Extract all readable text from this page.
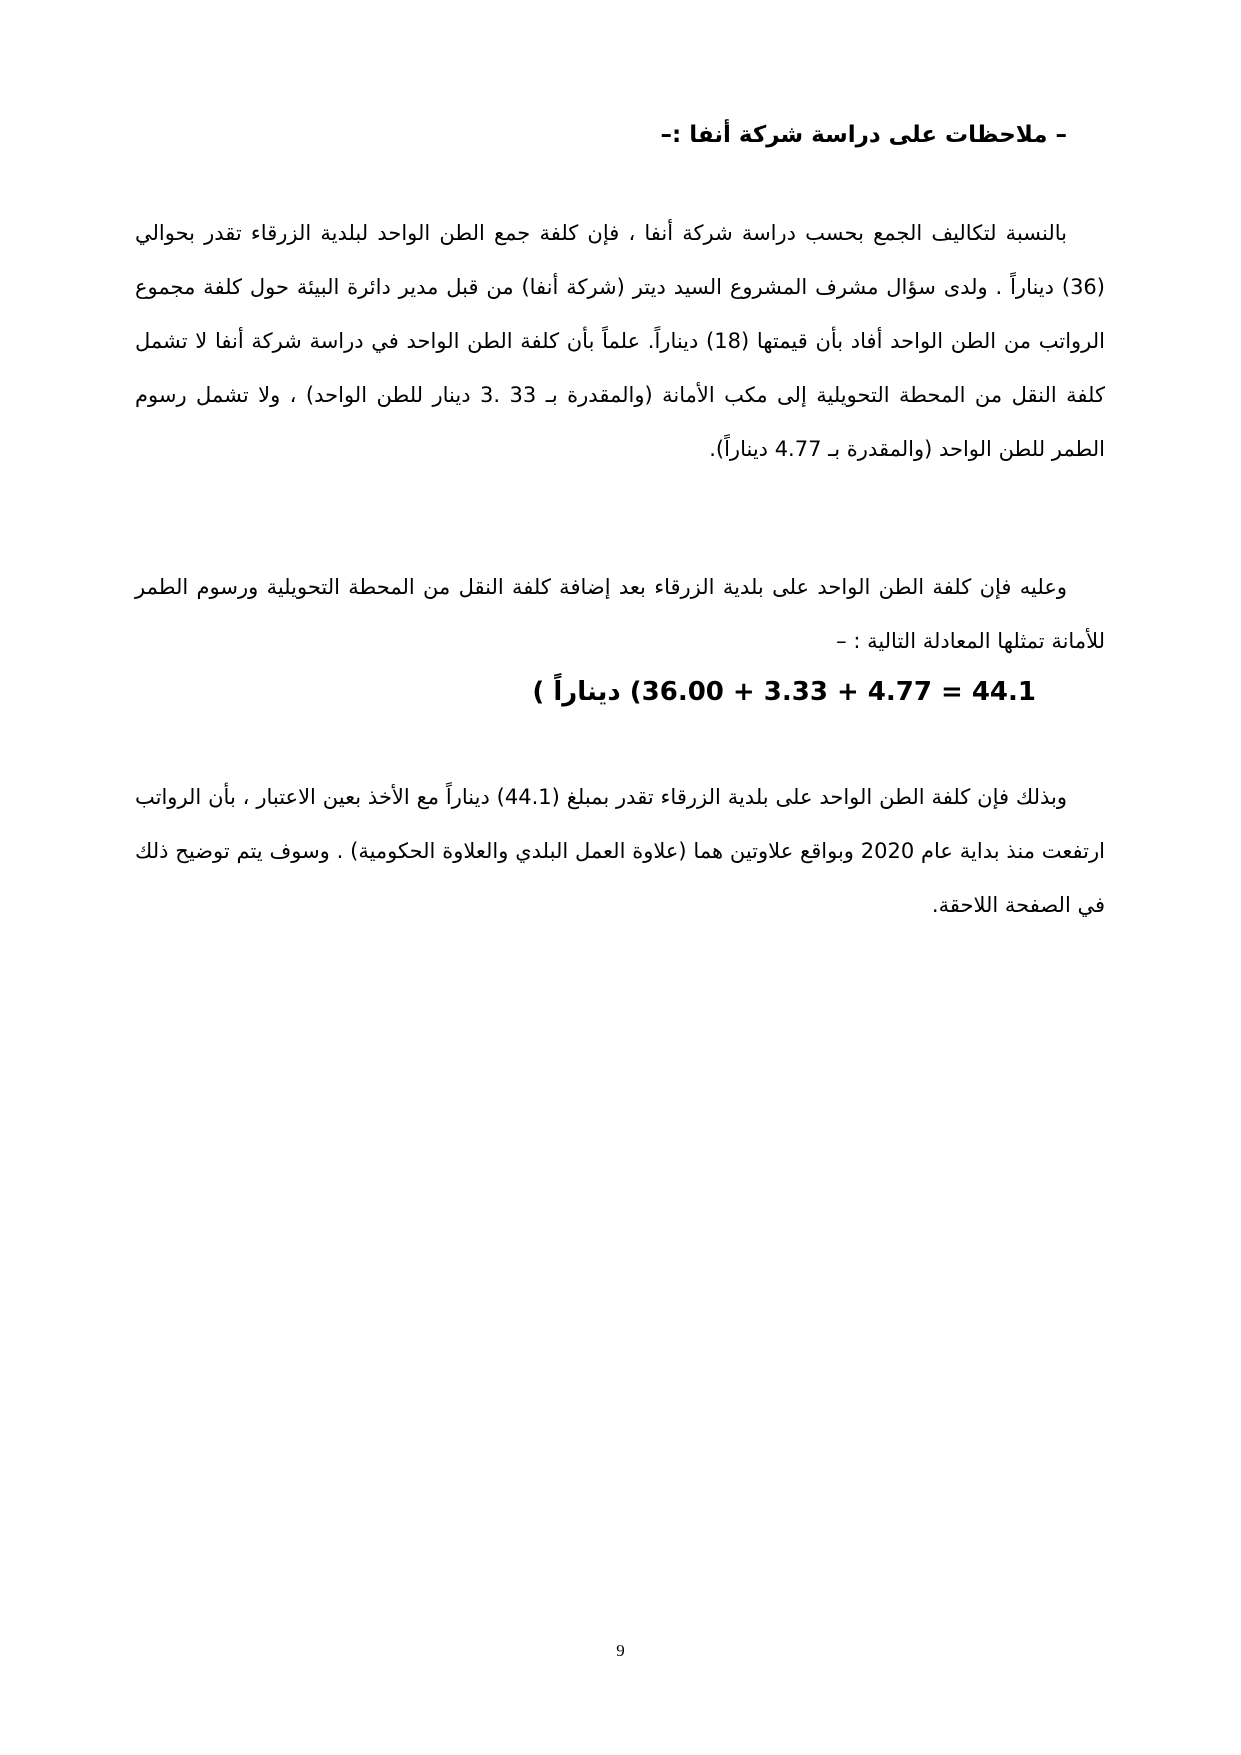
– ملاحظات على دراسة شركة أنفا :–

بالنسبة لتكاليف الجمع بحسب دراسة شركة أنفا ، فإن كلفة جمع الطن الواحد لبلدية الزرقاء تقدر بحوالي (36) ديناراً . ولدى سؤال مشرف المشروع السيد ديتر (شركة أنفا) من قبل مدير دائرة البيئة حول كلفة مجموع الرواتب من الطن الواحد أفاد بأن قيمتها (18) ديناراً. علماً بأن كلفة الطن الواحد في دراسة شركة أنفا لا تشمل كلفة النقل من المحطة التحويلية إلى مكب الأمانة (والمقدرة بـ 33 .3 دينار للطن الواحد) ، ولا تشمل رسوم الطمر للطن الواحد (والمقدرة بـ 4.77 ديناراً).

وعليه فإن كلفة الطن الواحد على بلدية الزرقاء بعد إضافة كلفة النقل من المحطة التحويلية ورسوم الطمر للأمانة تمثلها المعادلة التالية : –

(36.00 + 3.33 + 4.77 = 44.1 ديناراً )

وبذلك فإن كلفة الطن الواحد على بلدية الزرقاء تقدر بمبلغ (44.1) ديناراً مع الأخذ بعين الاعتبار ، بأن الرواتب ارتفعت منذ بداية عام 2020 وبواقع علاوتين هما (علاوة العمل البلدي والعلاوة الحكومية) . وسوف يتم توضيح ذلك في الصفحة اللاحقة.

9
